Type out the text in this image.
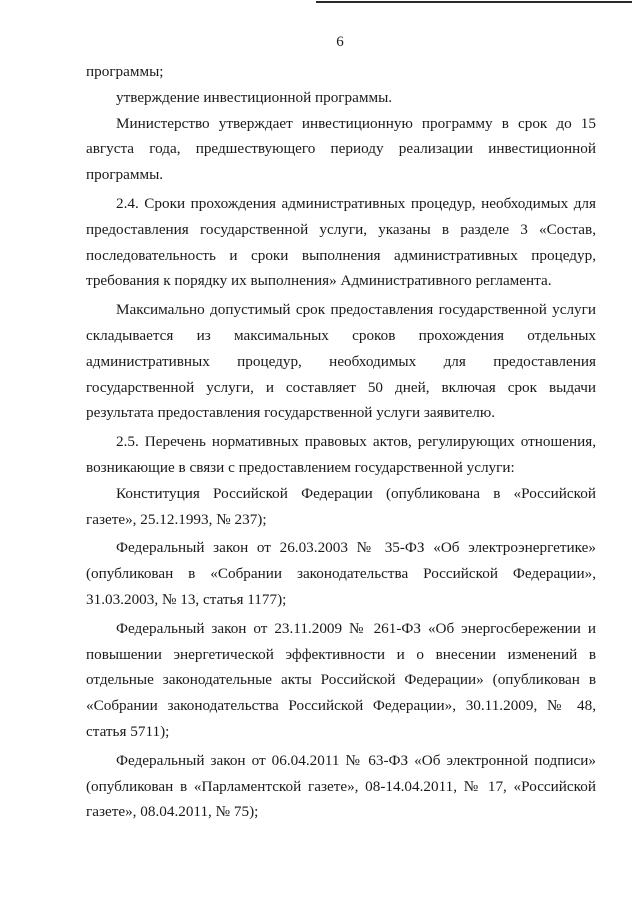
6

программы;

утверждение инвестиционной программы.

Министерство утверждает инвестиционную программу в срок до 15 августа года, предшествующего периоду реализации инвестиционной программы.

2.4. Сроки прохождения административных процедур, необходимых для предоставления государственной услуги, указаны в разделе 3 «Состав, последовательность и сроки выполнения административных процедур, требования к порядку их выполнения» Административного регламента.

Максимально допустимый срок предоставления государственной услуги складывается из максимальных сроков прохождения отдельных административных процедур, необходимых для предоставления государственной услуги, и составляет 50 дней, включая срок выдачи результата предоставления государственной услуги заявителю.

2.5. Перечень нормативных правовых актов, регулирующих отношения, возникающие в связи с предоставлением государственной услуги:

Конституция Российской Федерации (опубликована в «Российской газете», 25.12.1993, № 237);

Федеральный закон от 26.03.2003 № 35-ФЗ «Об электроэнергетике» (опубликован в «Собрании законодательства Российской Федерации», 31.03.2003, № 13, статья 1177);

Федеральный закон от 23.11.2009 № 261-ФЗ «Об энергосбережении и повышении энергетической эффективности и о внесении изменений в отдельные законодательные акты Российской Федерации» (опубликован в «Собрании законодательства Российской Федерации», 30.11.2009, № 48, статья 5711);

Федеральный закон от 06.04.2011 № 63-ФЗ «Об электронной подписи» (опубликован в «Парламентской газете», 08-14.04.2011, № 17, «Российской газете», 08.04.2011, № 75);
